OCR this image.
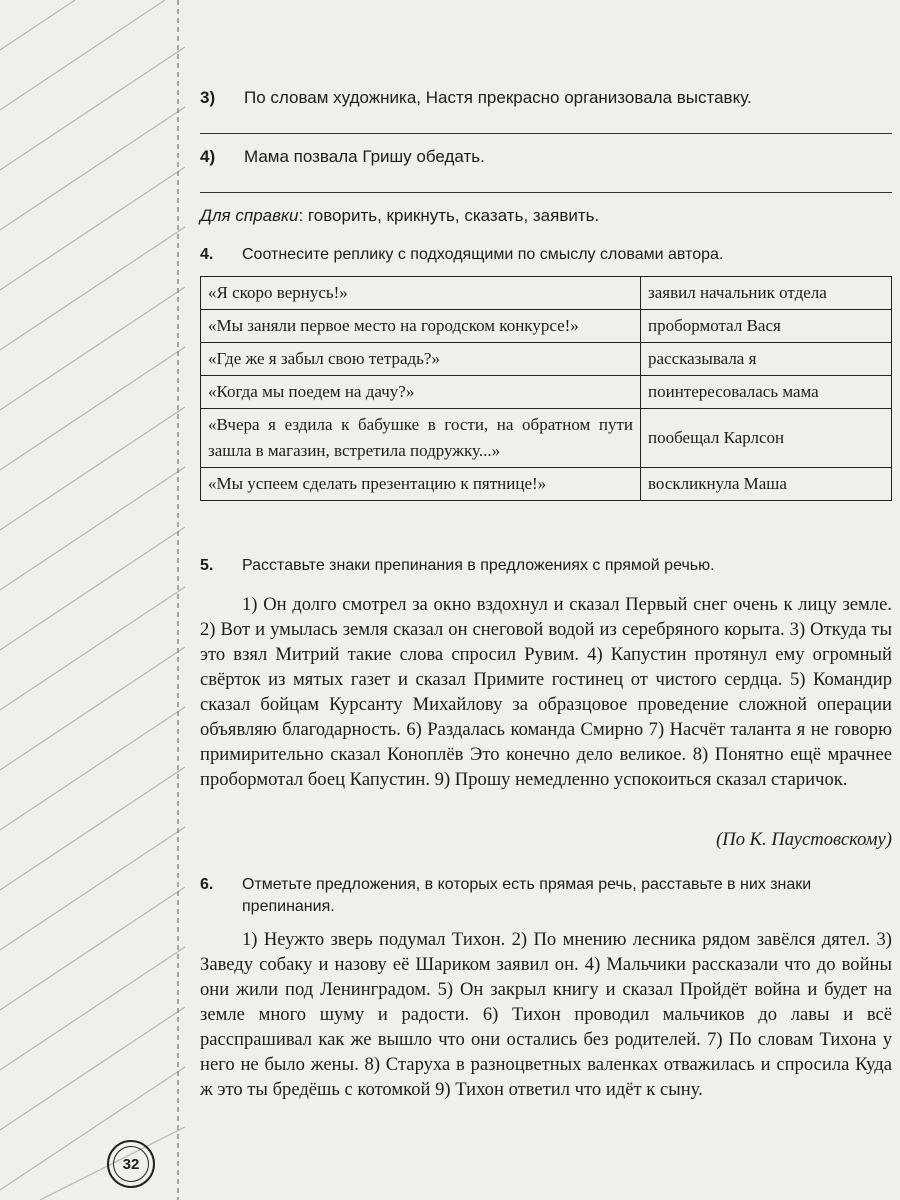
3) По словам художника, Настя прекрасно организовала выставку.
4) Мама позвала Гришу обедать.
Для справки: говорить, крикнуть, сказать, заявить.
4.	Соотнесите реплику с подходящими по смыслу словами автора.
«Я скоро вернусь!»	заявил начальник отдела
«Мы заняли первое место на городском конкурсе!»	пробормотал Вася
«Где же я забыл свою тетрадь?»	рассказывала я
«Когда мы поедем на дачу?»	поинтересовалась мама
«Вчера я ездила к бабушке в гости, на обратном пути зашла в магазин, встретила подружку...»	пообещал Карлсон
«Мы успеем сделать презентацию к пятнице!»	воскликнула Маша
5.	Расставьте знаки препинания в предложениях с прямой речью.
1) Он долго смотрел за окно вздохнул и сказал Первый снег очень к лицу земле. 2) Вот и умылась земля сказал он снеговой водой из серебряного корыта. 3) Откуда ты это взял Митрий такие слова спросил Рувим. 4) Капустин протянул ему огромный свёрток из мятых газет и сказал Примите гостинец от чистого сердца. 5) Командир сказал бойцам Курсанту Михайлову за образцовое проведение сложной операции объявляю благодарность. 6) Раздалась команда Смирно 7) Насчёт таланта я не говорю примирительно сказал Коноплёв Это конечно дело великое. 8) Понятно ещё мрачнее пробормотал боец Капустин. 9) Прошу немедленно успокоиться сказал старичок.
(По К. Паустовскому)
6.	Отметьте предложения, в которых есть прямая речь, расставьте в них знаки препинания.
1) Неужто зверь подумал Тихон. 2) По мнению лесника рядом завёлся дятел. 3) Заведу собаку и назову её Шариком заявил он. 4) Мальчики рассказали что до войны они жили под Ленинградом. 5) Он закрыл книгу и сказал Пройдёт война и будет на земле много шуму и радости. 6) Тихон проводил мальчиков до лавы и всё расспрашивал как же вышло что они остались без родителей. 7) По словам Тихона у него не было жены. 8) Старуха в разноцветных валенках отважилась и спросила Куда ж это ты бредёшь с котомкой 9) Тихон ответил что идёт к сыну.
32
